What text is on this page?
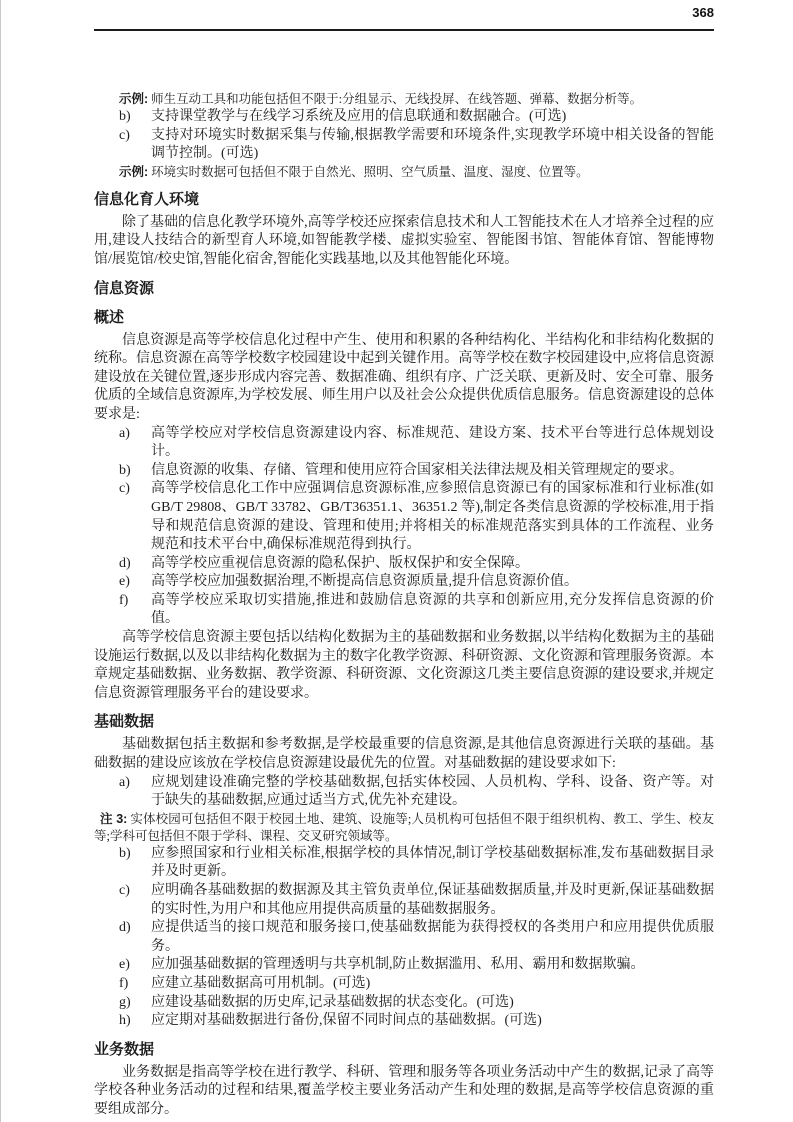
368
示例: 师生互动工具和功能包括但不限于:分组显示、无线投屏、在线答题、弹幕、数据分析等。
b) 支持课堂教学与在线学习系统及应用的信息联通和数据融合。(可选)
c) 支持对环境实时数据采集与传输,根据教学需要和环境条件,实现教学环境中相关设备的智能调节控制。(可选)
示例: 环境实时数据可包括但不限于自然光、照明、空气质量、温度、湿度、位置等。
信息化育人环境

除了基础的信息化教学环境外,高等学校还应探索信息技术和人工智能技术在人才培养全过程的应用,建设人技结合的新型育人环境,如智能教学楼、虚拟实验室、智能图书馆、智能体育馆、智能博物馆/展览馆/校史馆,智能化宿舍,智能化实践基地,以及其他智能化环境。

信息资源
概述

信息资源是高等学校信息化过程中产生、使用和积累的各种结构化、半结构化和非结构化数据的统称。信息资源在高等学校数字校园建设中起到关键作用。高等学校在数字校园建设中,应将信息资源建设放在关键位置,逐步形成内容完善、数据准确、组织有序、广泛关联、更新及时、安全可靠、服务优质的全域信息资源库,为学校发展、师生用户以及社会公众提供优质信息服务。信息资源建设的总体要求是:

a) 高等学校应对学校信息资源建设内容、标准规范、建设方案、技术平台等进行总体规划设计。
b) 信息资源的收集、存储、管理和使用应符合国家相关法律法规及相关管理规定的要求。
c) 高等学校信息化工作中应强调信息资源标准,应参照信息资源已有的国家标准和行业标准(如 GB/T 29808、GB/T 33782、GB/T36351.1、36351.2 等),制定各类信息资源的学校标准,用于指导和规范信息资源的建设、管理和使用;并将相关的标准规范落实到具体的工作流程、业务规范和技术平台中,确保标准规范得到执行。
d) 高等学校应重视信息资源的隐私保护、版权保护和安全保障。
e) 高等学校应加强数据治理,不断提高信息资源质量,提升信息资源价值。
f) 高等学校应采取切实措施,推进和鼓励信息资源的共享和创新应用,充分发挥信息资源的价值。

高等学校信息资源主要包括以结构化数据为主的基础数据和业务数据,以半结构化数据为主的基础设施运行数据,以及以非结构化数据为主的数字化教学资源、科研资源、文化资源和管理服务资源。本章规定基础数据、业务数据、教学资源、科研资源、文化资源这几类主要信息资源的建设要求,并规定信息资源管理服务平台的建设要求。

基础数据

基础数据包括主数据和参考数据,是学校最重要的信息资源,是其他信息资源进行关联的基础。基础数据的建设应该放在学校信息资源建设最优先的位置。对基础数据的建设要求如下:

a) 应规划建设准确完整的学校基础数据,包括实体校园、人员机构、学科、设备、资产等。对于缺失的基础数据,应通过适当方式,优先补充建设。
注 3: 实体校园可包括但不限于校园土地、建筑、设施等;人员机构可包括但不限于组织机构、教工、学生、校友等;学科可包括但不限于学科、课程、交叉研究领域等。
b) 应参照国家和行业相关标准,根据学校的具体情况,制订学校基础数据标准,发布基础数据目录并及时更新。
c) 应明确各基础数据的数据源及其主管负责单位,保证基础数据质量,并及时更新,保证基础数据的实时性,为用户和其他应用提供高质量的基础数据服务。
d) 应提供适当的接口规范和服务接口,使基础数据能为获得授权的各类用户和应用提供优质服务。
e) 应加强基础数据的管理透明与共享机制,防止数据滥用、私用、霸用和数据欺骗。
f) 应建立基础数据高可用机制。(可选)
g) 应建设基础数据的历史库,记录基础数据的状态变化。(可选)
h) 应定期对基础数据进行备份,保留不同时间点的基础数据。(可选)
业务数据

业务数据是指高等学校在进行教学、科研、管理和服务等各项业务活动中产生的数据,记录了高等学校各种业务活动的过程和结果,覆盖学校主要业务活动产生和处理的数据,是高等学校信息资源的重要组成部分。
